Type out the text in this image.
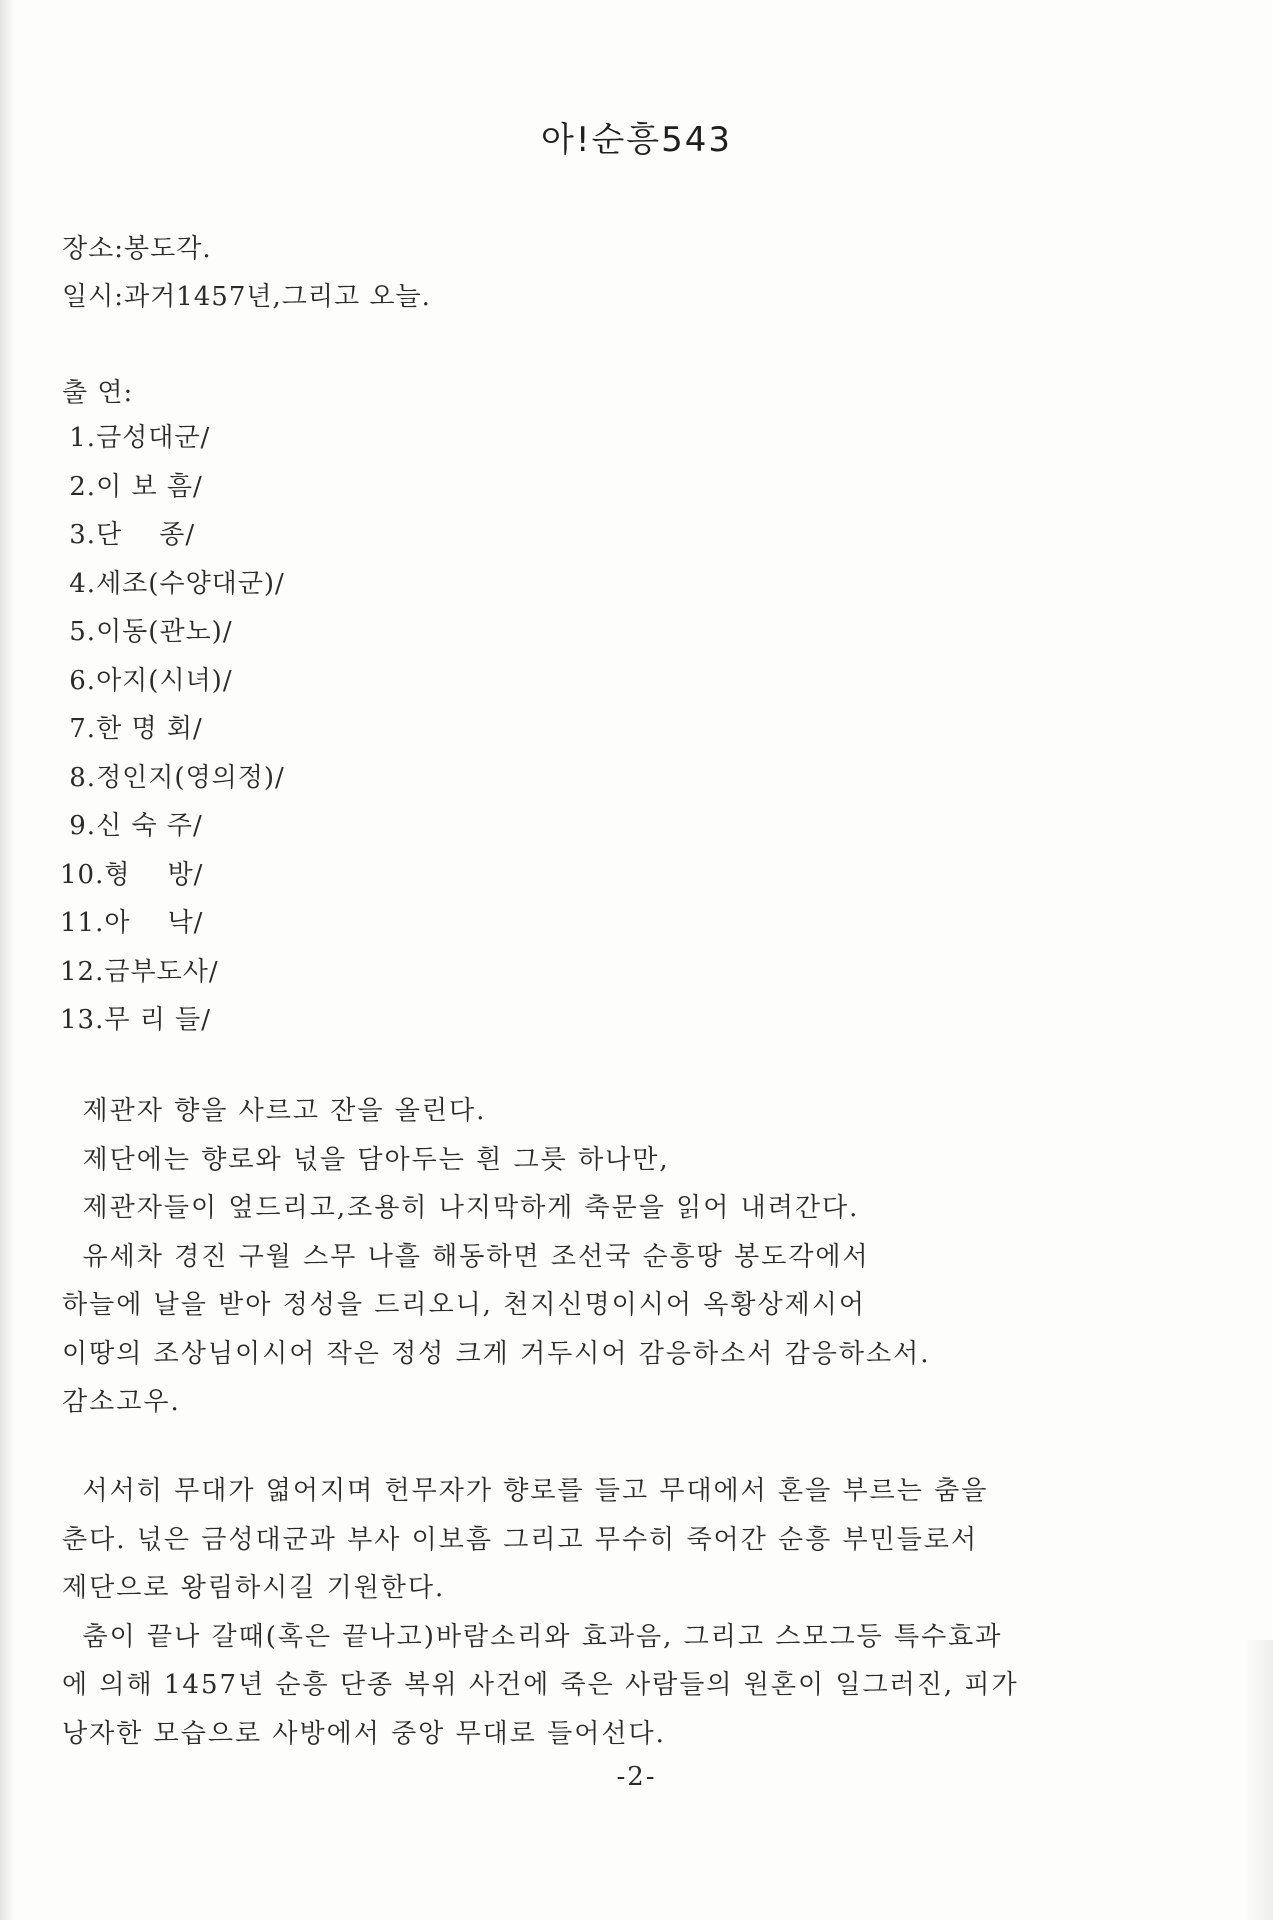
아!순흥543
장소:봉도각.
일시:과거1457년,그리고 오늘.
출 연:
1.금성대군/
2.이 보 흠/
3.단    종/
4.세조(수양대군)/
5.이동(관노)/
6.아지(시녀)/
7.한 명 회/
8.정인지(영의정)/
9.신 숙 주/
10.형    방/
11.아    낙/
12.금부도사/
13.무 리 들/
제관자 향을 사르고 잔을 올린다.
제단에는 향로와 넋을 담아두는 흰 그릇 하나만,
제관자들이 엎드리고,조용히 나지막하게 축문을 읽어 내려간다.
유세차 경진 구월 스무 나흘 해동하면 조선국 순흥땅 봉도각에서
하늘에 날을 받아 정성을 드리오니, 천지신명이시어 옥황상제시어
이땅의 조상님이시어 작은 정성 크게 거두시어 감응하소서 감응하소서.
감소고우.
서서히 무대가 엷어지며 헌무자가 향로를 들고 무대에서 혼을 부르는 춤을
춘다. 넋은 금성대군과 부사 이보흠 그리고 무수히 죽어간 순흥 부민들로서
제단으로 왕림하시길 기원한다.
춤이 끝나 갈때(혹은 끝나고)바람소리와 효과음, 그리고 스모그등 특수효과
에 의해 1457년 순흥 단종 복위 사건에 죽은 사람들의 원혼이 일그러진, 피가
낭자한 모습으로 사방에서 중앙 무대로 들어선다.
-2-
